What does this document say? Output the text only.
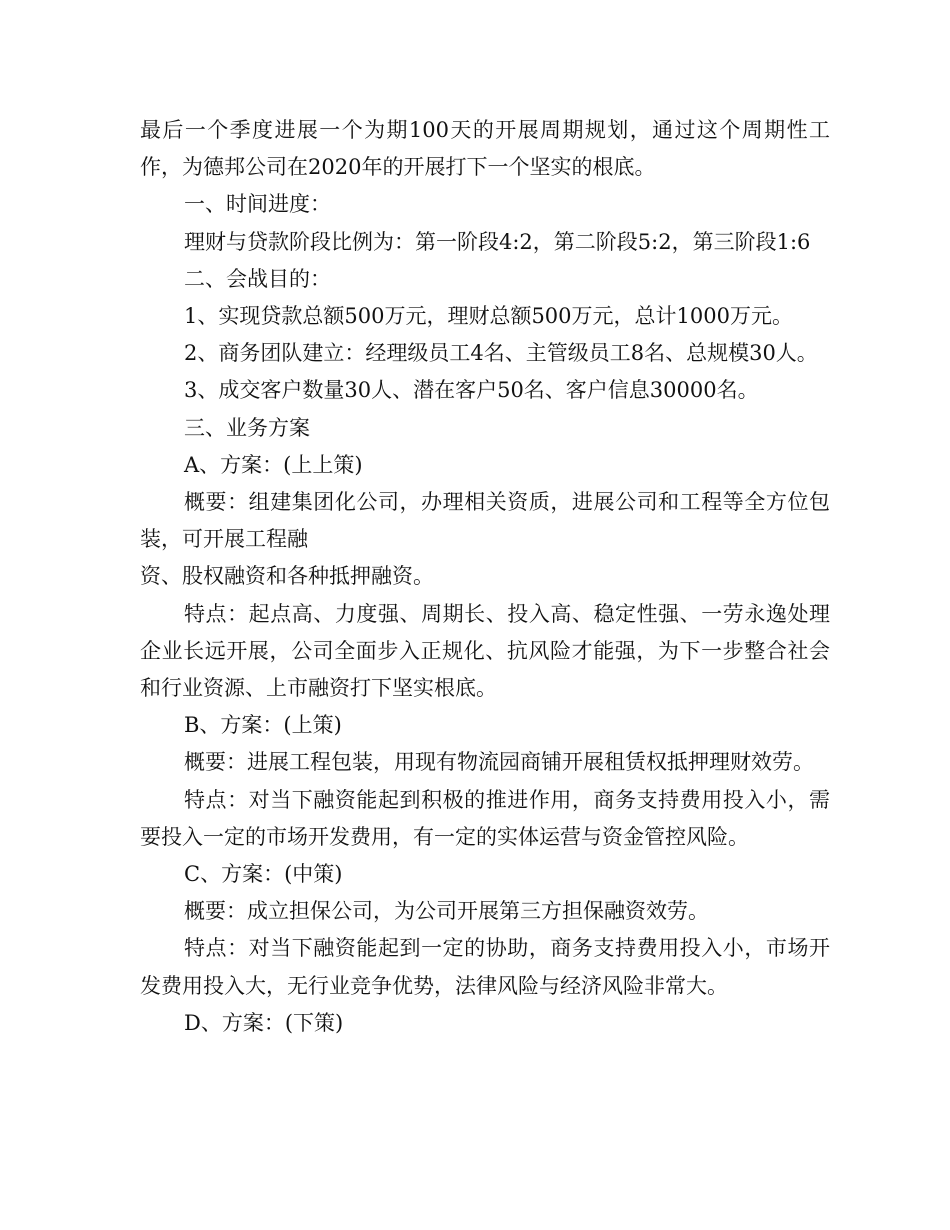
最后一个季度进展一个为期100天的开展周期规划，通过这个周期性工作，为德邦公司在2020年的开展打下一个坚实的根底。

一、时间进度：

理财与贷款阶段比例为：第一阶段4:2，第二阶段5:2，第三阶段1:6

二、会战目的：

1、实现贷款总额500万元，理财总额500万元，总计1000万元。

2、商务团队建立：经理级员工4名、主管级员工8名、总规模30人。

3、成交客户数量30人、潜在客户50名、客户信息30000名。

三、业务方案

A、方案：(上上策)

概要：组建集团化公司，办理相关资质，进展公司和工程等全方位包装，可开展工程融

资、股权融资和各种抵押融资。

特点：起点高、力度强、周期长、投入高、稳定性强、一劳永逸处理企业长远开展，公司全面步入正规化、抗风险才能强，为下一步整合社会和行业资源、上市融资打下坚实根底。

B、方案：(上策)

概要：进展工程包装，用现有物流园商铺开展租赁权抵押理财效劳。

特点：对当下融资能起到积极的推进作用，商务支持费用投入小，需要投入一定的市场开发费用，有一定的实体运营与资金管控风险。

C、方案：(中策)

概要：成立担保公司，为公司开展第三方担保融资效劳。

特点：对当下融资能起到一定的协助，商务支持费用投入小，市场开发费用投入大，无行业竞争优势，法律风险与经济风险非常大。

D、方案：(下策)
